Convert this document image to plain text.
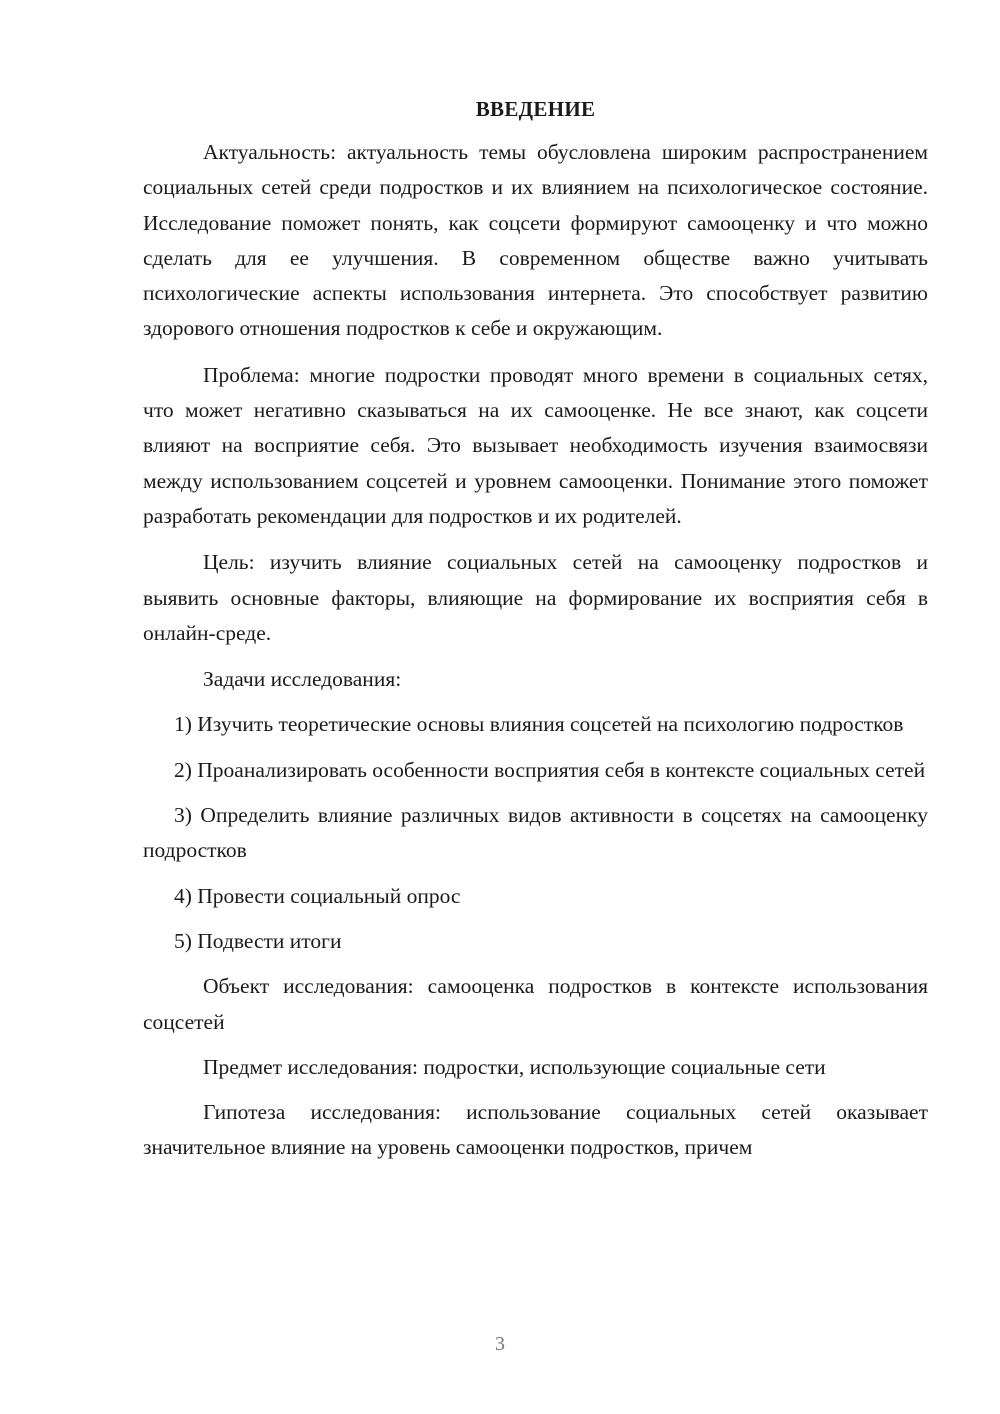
ВВЕДЕНИЕ

Актуальность: актуальность темы обусловлена широким распространением социальных сетей среди подростков и их влиянием на психологическое состояние. Исследование поможет понять, как соцсети формируют самооценку и что можно сделать для ее улучшения. В современном обществе важно учитывать психологические аспекты использования интернета. Это способствует развитию здорового отношения подростков к себе и окружающим.

Проблема: многие подростки проводят много времени в социальных сетях, что может негативно сказываться на их самооценке. Не все знают, как соцсети влияют на восприятие себя. Это вызывает необходимость изучения взаимосвязи между использованием соцсетей и уровнем самооценки. Понимание этого поможет разработать рекомендации для подростков и их родителей.

Цель: изучить влияние социальных сетей на самооценку подростков и выявить основные факторы, влияющие на формирование их восприятия себя в онлайн-среде.

Задачи исследования:

1) Изучить теоретические основы влияния соцсетей на психологию подростков

2) Проанализировать особенности восприятия себя в контексте социальных сетей

3) Определить влияние различных видов активности в соцсетях на самооценку подростков

4) Провести социальный опрос

5) Подвести итоги

Объект исследования: самооценка подростков в контексте использования соцсетей

Предмет исследования: подростки, использующие социальные сети

Гипотеза исследования: использование социальных сетей оказывает значительное влияние на уровень самооценки подростков, причем

3
